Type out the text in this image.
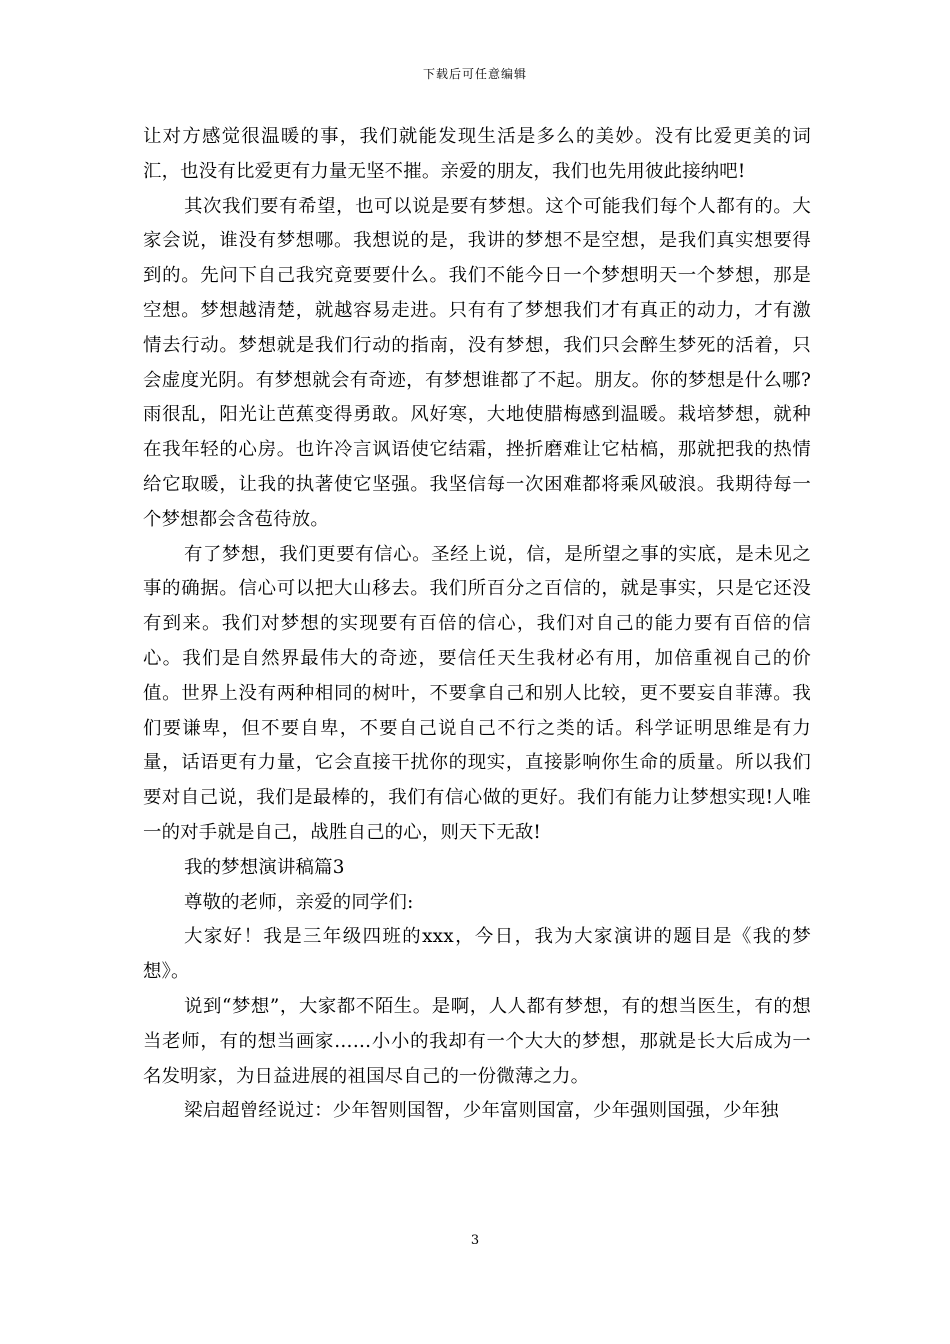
下载后可任意编辑

让对方感觉很温暖的事，我们就能发现生活是多么的美妙。没有比爱更美的词汇，也没有比爱更有力量无坚不摧。亲爱的朋友，我们也先用彼此接纳吧!

其次我们要有希望，也可以说是要有梦想。这个可能我们每个人都有的。大家会说，谁没有梦想哪。我想说的是，我讲的梦想不是空想，是我们真实想要得到的。先问下自己我究竟要要什么。我们不能今日一个梦想明天一个梦想，那是空想。梦想越清楚，就越容易走进。只有有了梦想我们才有真正的动力，才有激情去行动。梦想就是我们行动的指南，没有梦想，我们只会醉生梦死的活着，只会虚度光阴。有梦想就会有奇迹，有梦想谁都了不起。朋友。你的梦想是什么哪?雨很乱，阳光让芭蕉变得勇敢。风好寒，大地使腊梅感到温暖。栽培梦想，就种在我年轻的心房。也许冷言讽语使它结霜，挫折磨难让它枯槁，那就把我的热情给它取暖，让我的执著使它坚强。我坚信每一次困难都将乘风破浪。我期待每一个梦想都会含苞待放。

有了梦想，我们更要有信心。圣经上说，信，是所望之事的实底，是未见之事的确据。信心可以把大山移去。我们所百分之百信的，就是事实，只是它还没有到来。我们对梦想的实现要有百倍的信心，我们对自己的能力要有百倍的信心。我们是自然界最伟大的奇迹，要信任天生我材必有用，加倍重视自己的价值。世界上没有两种相同的树叶，不要拿自己和别人比较，更不要妄自菲薄。我们要谦卑，但不要自卑，不要自己说自己不行之类的话。科学证明思维是有力量，话语更有力量，它会直接干扰你的现实，直接影响你生命的质量。所以我们要对自己说，我们是最棒的，我们有信心做的更好。我们有能力让梦想实现!人唯一的对手就是自己，战胜自己的心，则天下无敌!

我的梦想演讲稿篇3

尊敬的老师，亲爱的同学们:

大家好！我是三年级四班的xxx，今日，我为大家演讲的题目是《我的梦想》。

说到“梦想”，大家都不陌生。是啊，人人都有梦想，有的想当医生，有的想当老师，有的想当画家……小小的我却有一个大大的梦想，那就是长大后成为一名发明家，为日益进展的祖国尽自己的一份微薄之力。

梁启超曾经说过：少年智则国智，少年富则国富，少年强则国强，少年独

3
